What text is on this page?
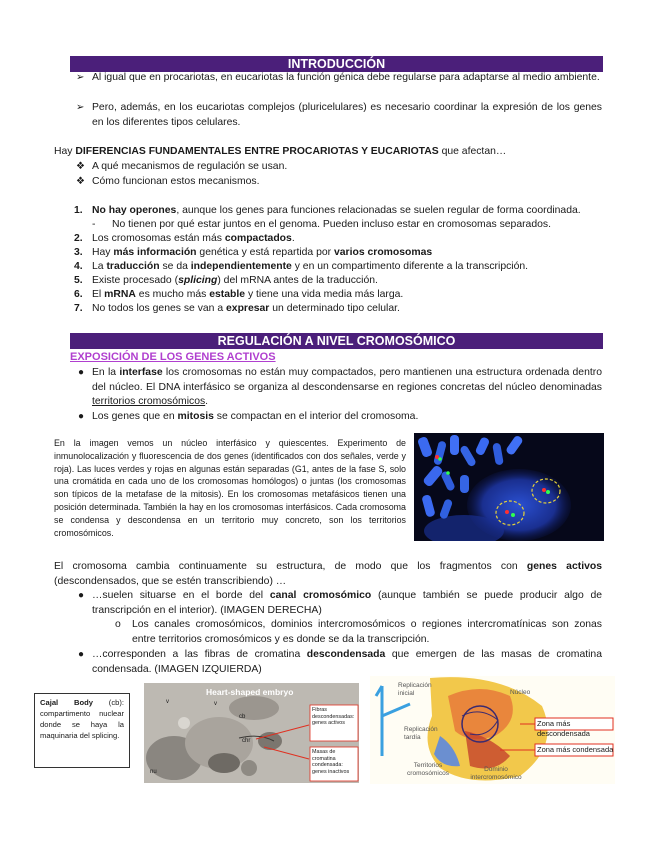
INTRODUCCIÓN
➢ Al igual que en procariotas, en eucariotas la función génica debe regularse para adaptarse al medio ambiente.
➢ Pero, además, en los eucariotas complejos (pluricelulares) es necesario coordinar la expresión de los genes en los diferentes tipos celulares.
Hay DIFERENCIAS FUNDAMENTALES ENTRE PROCARIOTAS Y EUCARIOTAS que afectan…
❖ A qué mecanismos de regulación se usan.
❖ Cómo funcionan estos mecanismos.
1. No hay operones, aunque los genes para funciones relacionadas se suelen regular de forma coordinada.
- No tienen por qué estar juntos en el genoma. Pueden incluso estar en cromosomas separados.
2. Los cromosomas están más compactados.
3. Hay más información genética y está repartida por varios cromosomas
4. La traducción se da independientemente y en un compartimento diferente a la transcripción.
5. Existe procesado (splicing) del mRNA antes de la traducción.
6. El mRNA es mucho más estable y tiene una vida media más larga.
7. No todos los genes se van a expresar un determinado tipo celular.
REGULACIÓN A NIVEL CROMOSÓMICO
EXPOSICIÓN DE LOS GENES ACTIVOS
● En la interfase los cromosomas no están muy compactados, pero mantienen una estructura ordenada dentro del núcleo. El DNA interfásico se organiza al descondensarse en regiones concretas del núcleo denominadas territorios cromosómicos.
● Los genes que en mitosis se compactan en el interior del cromosoma.
En la imagen vemos un núcleo interfásico y quiescentes. Experimento de inmunolocalización y fluorescencia de dos genes (identificados con dos señales, verde y roja). Las luces verdes y rojas en algunas están separadas (G1, antes de la fase S, solo una cromátida en cada uno de los cromosomas homólogos) o juntas (los cromosomas son típicos de la metafase de la mitosis). En los cromosomas metafásicos tienen una posición determinada. También la hay en los cromosomas interfásicos. Cada cromosoma se condensa y descondensa en un territorio muy concreto, son los territorios cromosómicos.
El cromosoma cambia continuamente su estructura, de modo que los fragmentos con genes activos (descondensados, que se estén transcribiendo) …
● …suelen situarse en el borde del canal cromosómico (aunque también se puede producir algo de transcripción en el interior). (IMAGEN DERECHA)
o Los canales cromosómicos, dominios intercromosómicos o regiones intercromatínicas son zonas entre territorios cromosómicos y es donde se da la transcripción.
● …corresponden a las fibras de cromatina descondensada que emergen de las masas de cromatina condensada. (IMAGEN IZQUIERDA)
Cajal Body (cb): compartimento nuclear donde se haya la maquinaria del splicing.
Heart-shaped embryo
Fibras descondensadas: genes activos
Masas de cromatina condensada: genes inactivos
cb
chr
v	v
nu
Replicación inicial	Núcleo
Replicación tardía
Territorios cromosómicos	Dominio intercromosómico
Zona más descondensada
Zona más condensada
